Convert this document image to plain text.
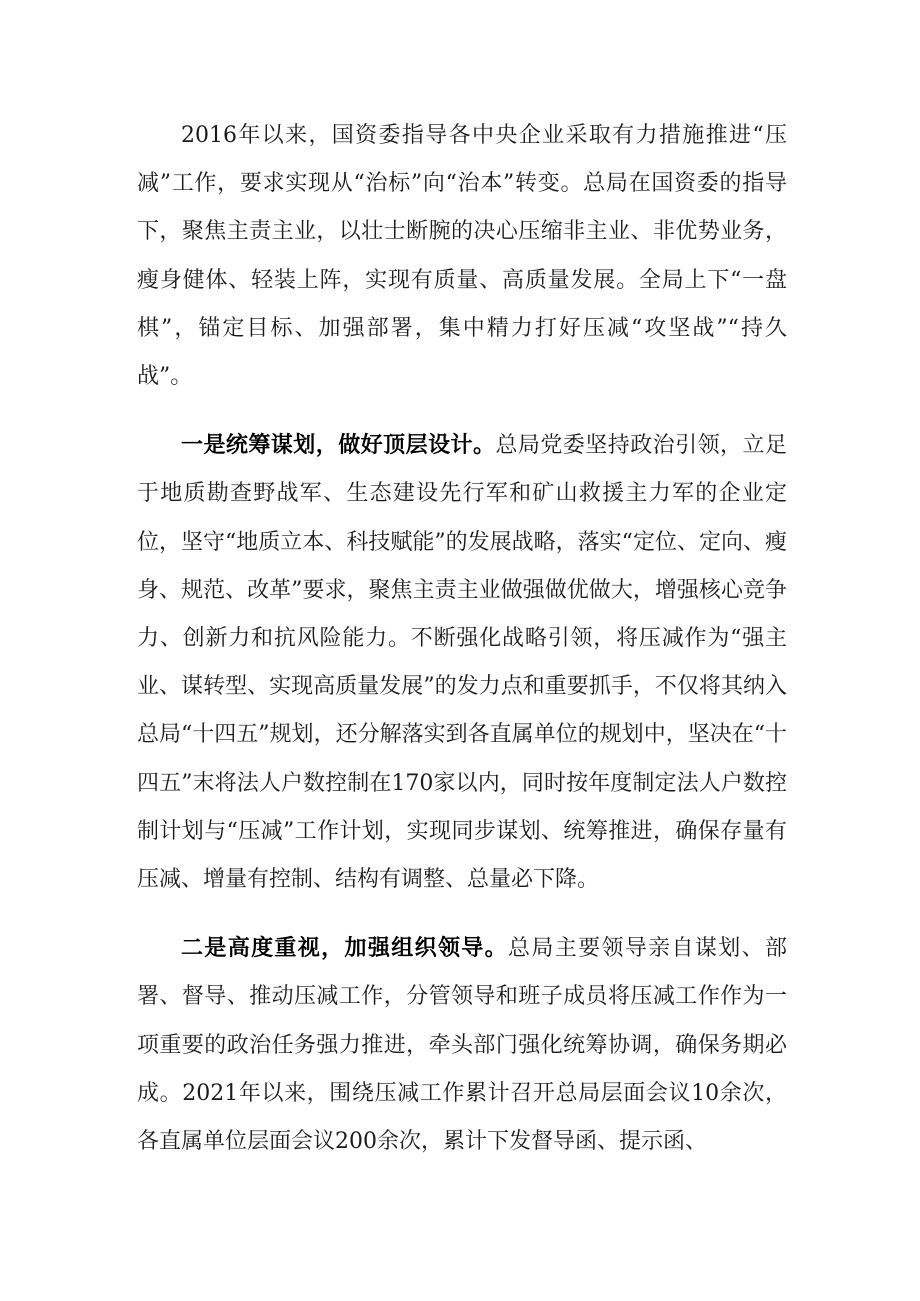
2016年以来，国资委指导各中央企业采取有力措施推进“压减”工作，要求实现从“治标”向“治本”转变。总局在国资委的指导下，聚焦主责主业，以壮士断腕的决心压缩非主业、非优势业务，瘦身健体、轻装上阵，实现有质量、高质量发展。全局上下“一盘棋”，锚定目标、加强部署，集中精力打好压减“攻坚战”“持久战”。

一是统筹谋划，做好顶层设计。总局党委坚持政治引领，立足于地质勘查野战军、生态建设先行军和矿山救援主力军的企业定位，坚守“地质立本、科技赋能”的发展战略，落实“定位、定向、瘦身、规范、改革”要求，聚焦主责主业做强做优做大，增强核心竞争力、创新力和抗风险能力。不断强化战略引领，将压减作为“强主业、谋转型、实现高质量发展”的发力点和重要抓手，不仅将其纳入总局“十四五”规划，还分解落实到各直属单位的规划中，坚决在“十四五”末将法人户数控制在170家以内，同时按年度制定法人户数控制计划与“压减”工作计划，实现同步谋划、统筹推进，确保存量有压减、增量有控制、结构有调整、总量必下降。

二是高度重视，加强组织领导。总局主要领导亲自谋划、部署、督导、推动压减工作，分管领导和班子成员将压减工作作为一项重要的政治任务强力推进，牵头部门强化统筹协调，确保务期必成。2021年以来，围绕压减工作累计召开总局层面会议10余次，各直属单位层面会议200余次，累计下发督导函、提示函、
